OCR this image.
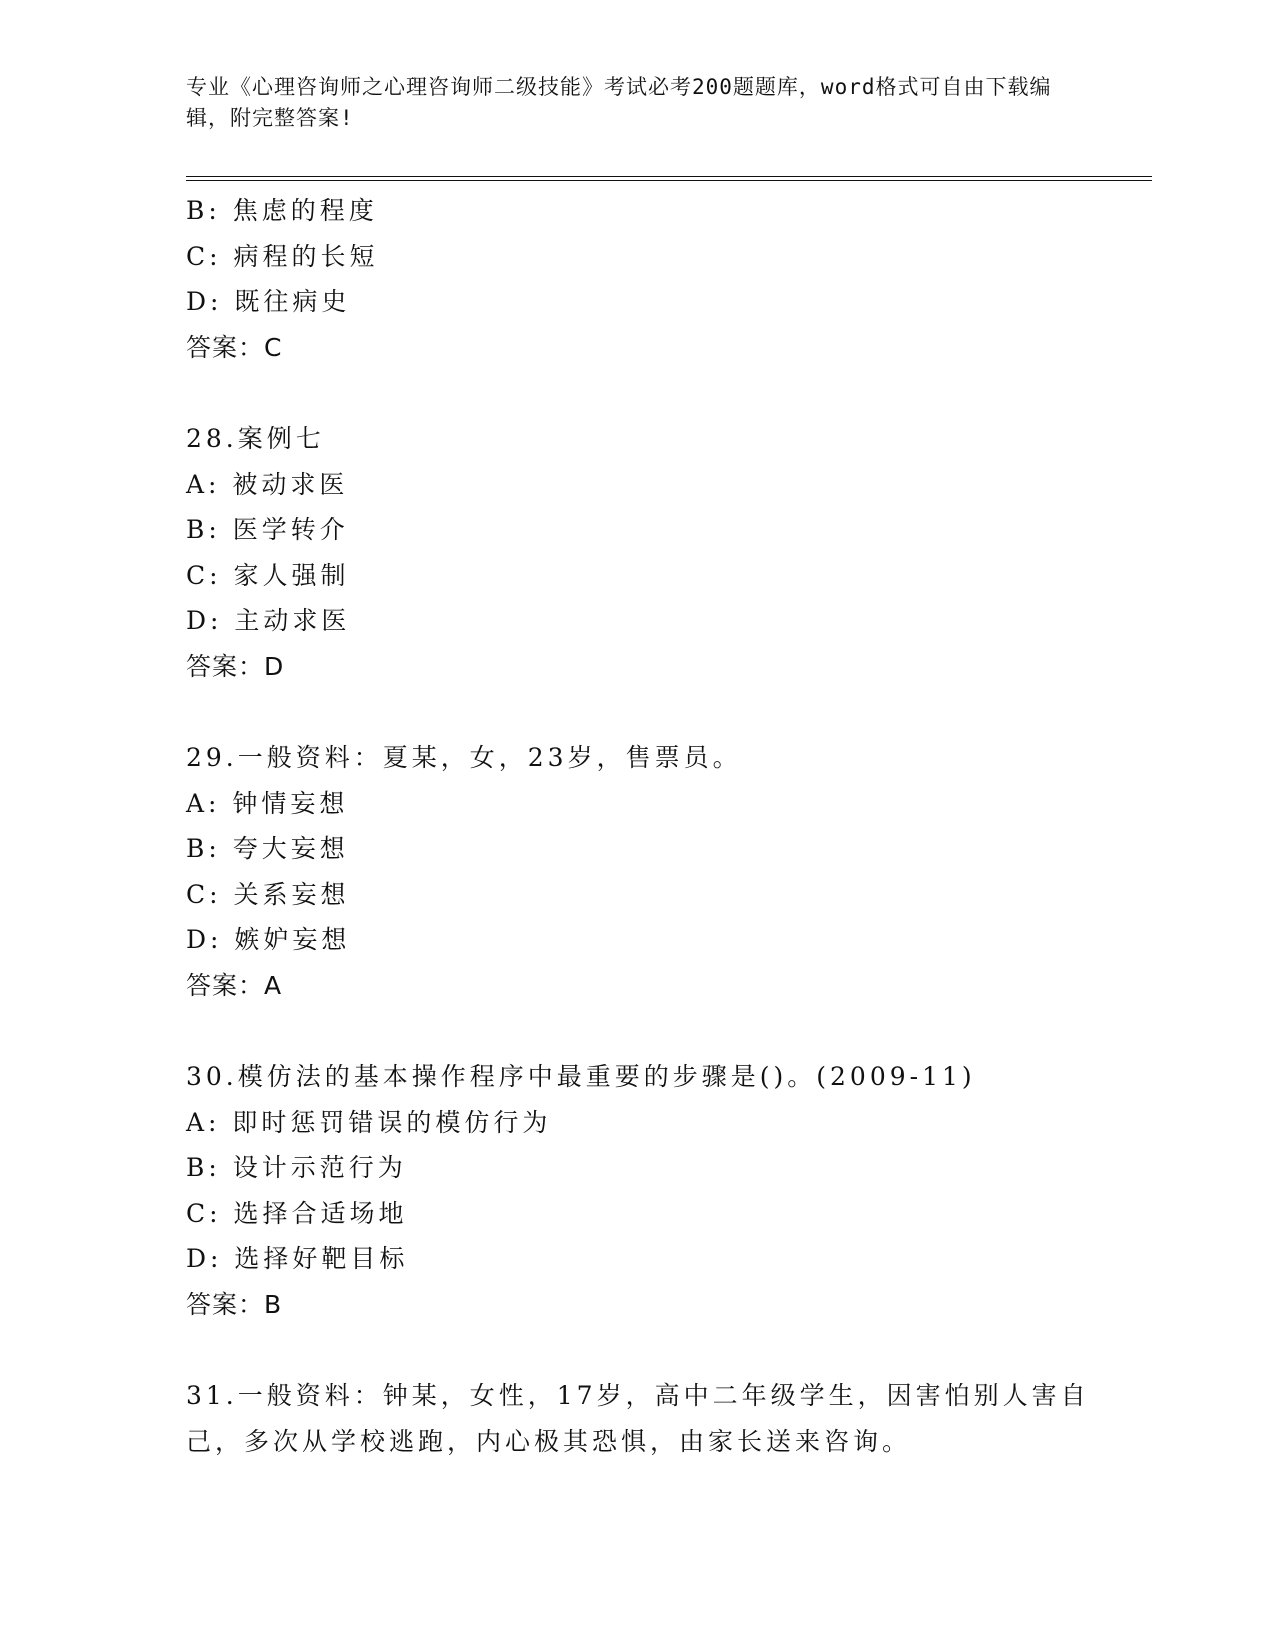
专业《心理咨询师之心理咨询师二级技能》考试必考200题题库，word格式可自由下载编辑，附完整答案!
B: 焦虑的程度
C: 病程的长短
D: 既往病史
答案：C
28.案例七
A: 被动求医
B: 医学转介
C: 家人强制
D: 主动求医
答案：D
29.一般资料：夏某，女，23岁，售票员。
A: 钟情妄想
B: 夸大妄想
C: 关系妄想
D: 嫉妒妄想
答案：A
30.模仿法的基本操作程序中最重要的步骤是()。(2009-11)
A: 即时惩罚错误的模仿行为
B: 设计示范行为
C: 选择合适场地
D: 选择好靶目标
答案：B
31.一般资料：钟某，女性，17岁，高中二年级学生，因害怕别人害自
己，多次从学校逃跑，内心极其恐惧，由家长送来咨询。
